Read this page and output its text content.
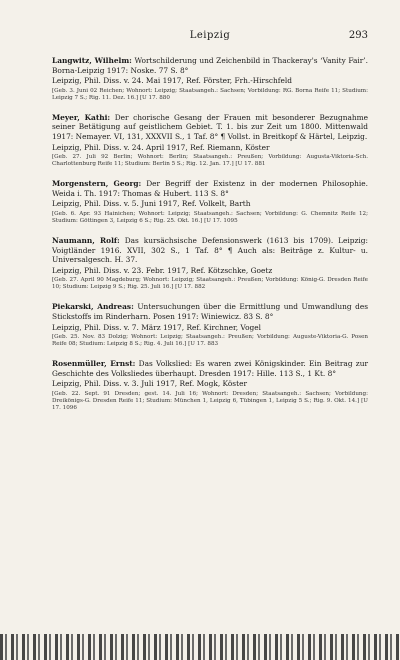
Leipzig	293

Langwitz, Wilhelm: Wortschilderung und Zeichenbild in Thackeray's ‘Vanity Fair’. Borna-Leipzig 1917: Noske. 77 S. 8°

Leipzig, Phil. Diss. v. 24. Mai 1917, Ref. Förster, Frh.-Hirschfeld

[Geb. 3. Juni 02 Reichen; Wohnort: Leipzig; Staatsangeh.: Sachsen; Vorbildung: RG. Borna Reife 11; Studium: Leipzig 7 S.; Rig. 11. Dez. 16.] [U 17. 880

Meyer, Kathi: Der chorische Gesang der Frauen mit besonderer Bezugnahme seiner Betätigung auf geistlichem Gebiet. T. 1. bis zur Zeit um 1800. Mittenwald 1917: Nemayer. VI, 131, XXXVII S., 1 Taf. 8° ¶ Vollst. in Breitkopf & Härtel, Leipzig.

Leipzig, Phil. Diss. v. 24. April 1917, Ref. Riemann, Köster

[Geb. 27. Juli 92 Berlin; Wohnort: Berlin; Staatsangeh.: Preußen; Vorbildung: Augusta-Viktoria-Sch. Charlottenburg Reife 11; Studium: Berlin 5 S.; Rig. 12. Jan. 17.] [U 17. 881

Morgenstern, Georg: Der Begriff der Existenz in der modernen Philosophie. Weida i. Th. 1917: Thomas & Hubert. 113 S. 8°

Leipzig, Phil. Diss. v. 5. Juni 1917, Ref. Volkelt, Barth

[Geb. 6. Apr. 93 Hainichen; Wohnort: Leipzig; Staatsangeh.: Sachsen; Vorbildung: G. Chemnitz Reife 12; Studium: Göttingen 3, Leipzig 6 S.; Rig. 25. Okt. 16.] [U 17. 1095

Naumann, Rolf: Das kursächsische Defensionswerk (1613 bis 1709). Leipzig: Voigtländer 1916. XVII, 302 S., 1 Taf. 8° ¶ Auch als: Beiträge z. Kultur- u. Universalgesch. H. 37.

Leipzig, Phil. Diss. v. 23. Febr. 1917, Ref. Kötzschke, Goetz

[Geb. 27. April 90 Magdeburg; Wohnort: Leipzig; Staatsangeh.: Preußen; Vorbildung: König-G. Dresden Reife 10; Studium: Leipzig 9 S.; Rig. 25. Juli 16.] [U 17. 882

Piekarski, Andreas: Untersuchungen über die Ermittlung und Umwandlung des Stickstoffs im Rinderharn. Posen 1917: Winiewicz. 83 S. 8°

Leipzig, Phil. Diss. v. 7. März 1917, Ref. Kirchner, Vogel

[Geb. 25. Nov. 83 Dolzig; Wohnort: Leipzig; Staatsangeh.: Preußen; Vorbildung: Auguste-Viktoria-G. Posen Reife 08; Studium: Leipzig 8 S.; Rig. 4. Juli 16.] [U 17. 883

Rosenmüller, Ernst: Das Volkslied: Es waren zwei Königskinder. Ein Beitrag zur Geschichte des Volksliedes überhaupt. Dresden 1917: Hille. 113 S., 1 Kt. 8°

Leipzig, Phil. Diss. v. 3. Juli 1917, Ref. Mogk, Köster

[Geb. 22. Sept. 91 Dresden; gest. 14. Juli 16; Wohnort: Dresden; Staatsangeh.: Sachsen; Vorbildung: Dreikönigs-G. Dresden Reife 11; Studium: München 1, Leipzig 6, Tübingen 1, Leipzig 5 S.; Rig. 9. Okt. 14.] [U 17. 1096
